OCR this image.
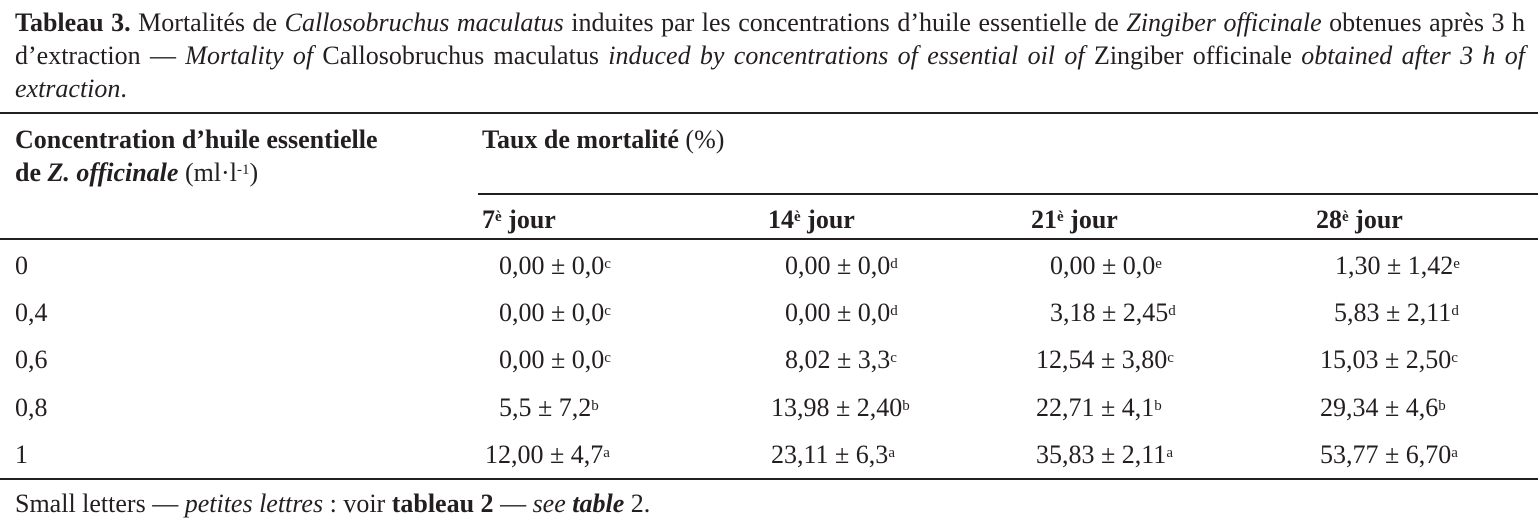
Tableau 3. Mortalités de Callosobruchus maculatus induites par les concentrations d’huile essentielle de Zingiber officinale obtenues après 3 h d’extraction — Mortality of Callosobruchus maculatus induced by concentrations of essential oil of Zingiber officinale obtained after 3 h of extraction.
Concentration d’huile essentielle
de Z. officinale $(ml\cdot l^{-1})$
Taux de mortalité (%)
$7^è$ jour	$14^è$ jour	$21^è$ jour	$28^è$ jour
0	0,00 ± 0,0$^c$	0,00 ± 0,0$^d$	0,00 ± 0,0$^e$	1,30 ± 1,42$^e$
0,4	0,00 ± 0,0$^c$	0,00 ± 0,0$^d$	3,18 ± 2,45$^d$	5,83 ± 2,11$^d$
0,6	0,00 ± 0,0$^c$	8,02 ± 3,3$^c$	12,54 ± 3,80$^c$	15,03 ± 2,50$^c$
0,8	5,5 ± 7,2$^b$	13,98 ± 2,40$^b$	22,71 ± 4,1$^b$	29,34 ± 4,6$^b$
1	12,00 ± 4,7$^a$	23,11 ± 6,3$^a$	35,83 ± 2,11$^a$	53,77 ± 6,70$^a$
Small letters — petites lettres : voir tableau 2 — see table 2.
